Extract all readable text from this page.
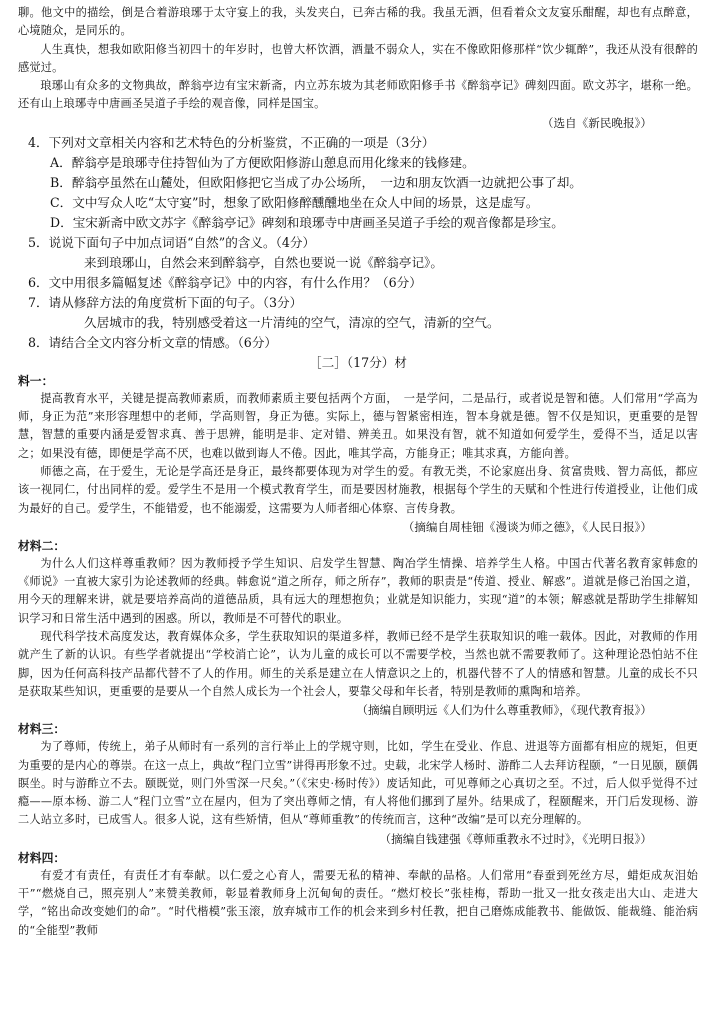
聊。他文中的描绘，倒是合着游琅琊于太守宴上的我，头发夹白，已奔古稀的我。我虽无酒，但看着众文友宴乐酣醒，却也有点醉意，心境随众，是同乐的。

人生真快，想我如欧阳修当初四十的年岁时，也曾大杯饮酒，酒量不弱众人，实在不像欧阳修那样“饮少辄醉”，我还从没有很醉的感觉过。

琅琊山有众多的文物典故，醉翁亭边有宝宋新斋，内立苏东坡为其老师欧阳修手书《醉翁亭记》碑刻四面。欧文苏字，堪称一绝。还有山上琅琊寺中唐画圣吴道子手绘的观音像，同样是国宝。

（选自《新民晚报》）

4．下列对文章相关内容和艺术特色的分析鉴赏，不正确的一项是（3分）

A．醉翁亭是琅琊寺住持智仙为了方便欧阳修游山憩息而用化缘来的钱修建。

B．醉翁亭虽然在山麓处，但欧阳修把它当成了办公场所，　一边和朋友饮酒一边就把公事了却。

C．文中写众人吃“太守宴”时，想象了欧阳修醉醺醺地坐在众人中间的场景，这是虚写。

D．宝宋新斋中欧文苏字《醉翁亭记》碑刻和琅琊寺中唐画圣吴道子手绘的观音像都是珍宝。

5．说说下面句子中加点词语“自然”的含义。（4分）

来到琅琊山，自然会来到醉翁亭，自然也要说一说《醉翁亭记》。

6．文中用很多篇幅复述《醉翁亭记》中的内容，有什么作用？（6分）

7．请从修辞方法的角度赏析下面的句子。（3分）

久居城市的我，特别感受着这一片清纯的空气，清凉的空气，清新的空气。

8．请结合全文内容分析文章的情感。（6分）

［二］（17分）材

料一：

提高教育水平，关键是提高教师素质，而教师素质主要包括两个方面，　一是学问，二是品行，或者说是智和德。人们常用“学高为师，身正为范”来形容理想中的老师，学高则智，身正为德。实际上，德与智紧密相连，智本身就是德。智不仅是知识，更重要的是智慧，智慧的重要内涵是爱智求真、善于思辨，能明是非、定对错、辨美丑。如果没有智，就不知道如何爱学生，爱得不当，适足以害之；如果没有德，即便是学高不厌，也难以做到诲人不倦。因此，唯其学高，方能身正；唯其求真，方能向善。

师德之高，在于爱生，无论是学高还是身正，最终都要体现为对学生的爱。有教无类，不论家庭出身、贫富贵贱、智力高低，都应该一视同仁，付出同样的爱。爱学生不是用一个模式教育学生，而是要因材施教，根据每个学生的天赋和个性进行传道授业，让他们成为最好的自己。爱学生，不能错爱，也不能溺爱，这需要为人师者细心体察、言传身教。

（摘编自周桂钿《漫谈为师之德》，《人民日报》）

材料二：

为什么人们这样尊重教师？因为教师授予学生知识、启发学生智慧、陶冶学生情操、培养学生人格。中国古代著名教育家韩愈的《师说》一直被大家引为论述教师的经典。韩愈说“道之所存，师之所存”，教师的职责是“传道、授业、解惑”。道就是修己治国之道，用今天的理解来讲，就是要培养高尚的道德品质，具有远大的理想抱负；业就是知识能力，实现“道”的本领；解惑就是帮助学生排解知识学习和日常生活中遇到的困惑。所以，教师是不可替代的职业。

现代科学技术高度发达，教育媒体众多，学生获取知识的渠道多样，教师已经不是学生获取知识的唯一载体。因此，对教师的作用就产生了新的认识。有些学者就提出“学校消亡论”，认为儿童的成长可以不需要学校，当然也就不需要教师了。这种理论恐怕站不住脚，因为任何高科技产品都代替不了人的作用。师生的关系是建立在人情意识之上的，机器代替不了人的情感和智慧。儿童的成长不只是获取某些知识，更重要的是要从一个自然人成长为一个社会人，要靠父母和年长者，特别是教师的熏陶和培养。

（摘编自顾明远《人们为什么尊重教师》，《现代教育报》）

材料三：

为了尊师，传统上，弟子从师时有一系列的言行举止上的学规守则，比如，学生在受业、作息、进退等方面都有相应的规矩，但更为重要的是内心的尊崇。在这一点上，典故“程门立雪”讲得再形象不过。史载，北宋学人杨时、游酢二人去拜访程颐，“一日见颐，颐偶瞑坐。时与游酢立不去。颐既觉，则门外雪深一尺矣。”（《宋史·杨时传》）废话知此，可见尊师之心真切之至。不过，后人似乎觉得不过瘾——原本杨、游二人“程门立雪”立在屋内，但为了突出尊师之情，有人将他们挪到了屋外。结果成了，程颐醒来，开门后发现杨、游二人站立多时，已成雪人。很多人说，这有些矫情，但从“尊师重教”的传统而言，这种“改编”是可以充分理解的。

（摘编自钱建强《尊师重教永不过时》，《光明日报》）

材料四：

有爱才有责任，有责任才有奉献。以仁爱之心育人，需要无私的精神、奉献的品格。人们常用“春蚕到死丝方尽，蜡炬成灰泪始干”“燃烧自己，照亮别人”来赞美教师，彰显着教师身上沉甸甸的责任。“燃灯校长”张桂梅，帮助一批又一批女孩走出大山、走进大学，“铭出命改变她们的命”。“时代楷模”张玉滚，放弃城市工作的机会来到乡村任教，把自己磨炼成能教书、能做饭、能裁缝、能治病的“全能型”教师
